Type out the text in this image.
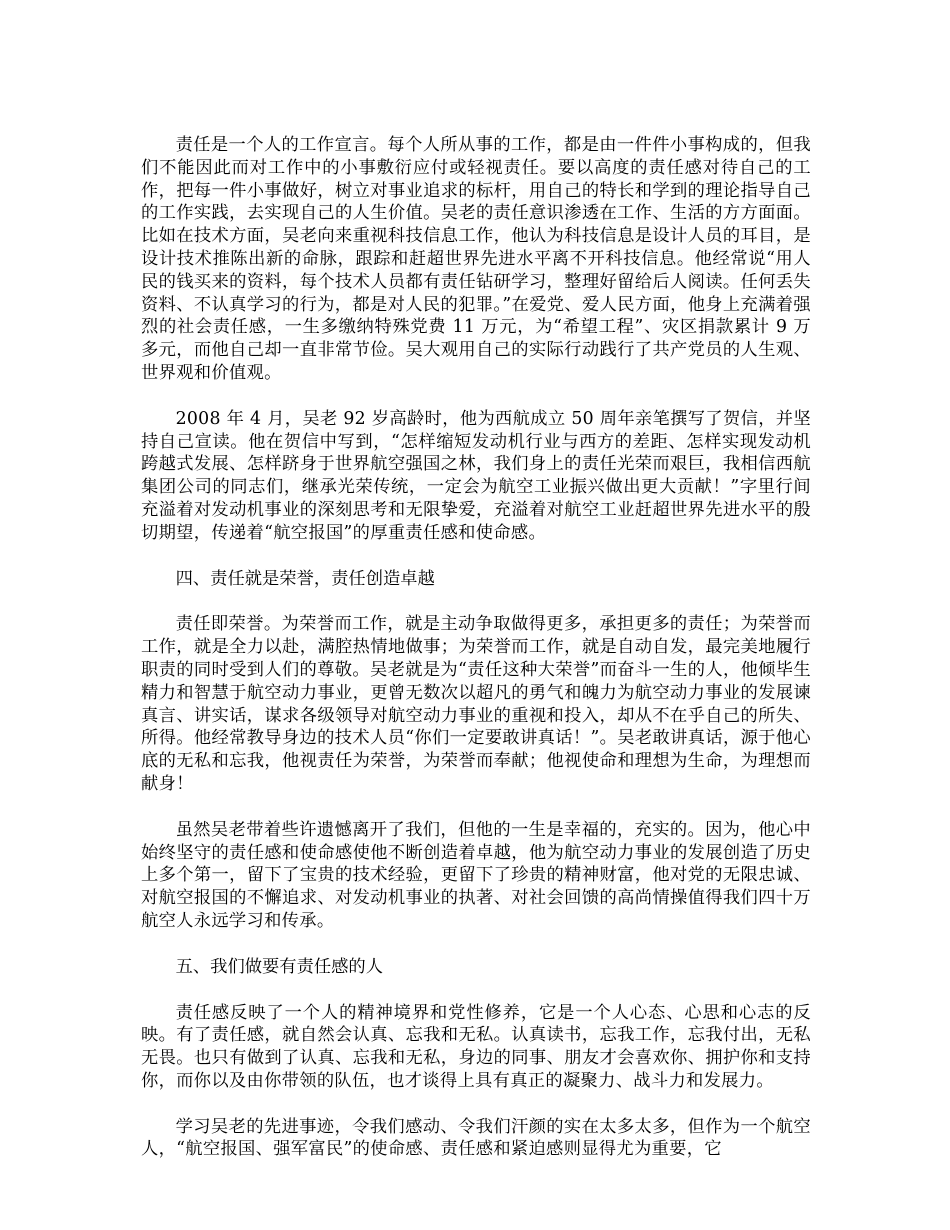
责任是一个人的工作宣言。每个人所从事的工作，都是由一件件小事构成的，但我们不能因此而对工作中的小事敷衍应付或轻视责任。要以高度的责任感对待自己的工作，把每一件小事做好，树立对事业追求的标杆，用自己的特长和学到的理论指导自己的工作实践，去实现自己的人生价值。吴老的责任意识渗透在工作、生活的方方面面。比如在技术方面，吴老向来重视科技信息工作，他认为科技信息是设计人员的耳目，是设计技术推陈出新的命脉，跟踪和赶超世界先进水平离不开科技信息。他经常说“用人民的钱买来的资料，每个技术人员都有责任钻研学习，整理好留给后人阅读。任何丢失资料、不认真学习的行为，都是对人民的犯罪。”在爱党、爱人民方面，他身上充满着强烈的社会责任感，一生多缴纳特殊党费 11 万元，为“希望工程”、灾区捐款累计 9 万多元，而他自己却一直非常节俭。吴大观用自己的实际行动践行了共产党员的人生观、世界观和价值观。

2008 年 4 月，吴老 92 岁高龄时，他为西航成立 50 周年亲笔撰写了贺信，并坚持自己宣读。他在贺信中写到，“怎样缩短发动机行业与西方的差距、怎样实现发动机跨越式发展、怎样跻身于世界航空强国之林，我们身上的责任光荣而艰巨，我相信西航集团公司的同志们，继承光荣传统，一定会为航空工业振兴做出更大贡献！”字里行间充溢着对发动机事业的深刻思考和无限挚爱，充溢着对航空工业赶超世界先进水平的殷切期望，传递着“航空报国”的厚重责任感和使命感。

四、责任就是荣誉，责任创造卓越

责任即荣誉。为荣誉而工作，就是主动争取做得更多，承担更多的责任；为荣誉而工作，就是全力以赴，满腔热情地做事；为荣誉而工作，就是自动自发，最完美地履行职责的同时受到人们的尊敬。吴老就是为“责任这种大荣誉”而奋斗一生的人，他倾毕生精力和智慧于航空动力事业，更曾无数次以超凡的勇气和魄力为航空动力事业的发展谏真言、讲实话，谋求各级领导对航空动力事业的重视和投入，却从不在乎自己的所失、所得。他经常教导身边的技术人员“你们一定要敢讲真话！”。吴老敢讲真话，源于他心底的无私和忘我，他视责任为荣誉，为荣誉而奉献；他视使命和理想为生命，为理想而献身！

虽然吴老带着些许遗憾离开了我们，但他的一生是幸福的，充实的。因为，他心中始终坚守的责任感和使命感使他不断创造着卓越，他为航空动力事业的发展创造了历史上多个第一，留下了宝贵的技术经验，更留下了珍贵的精神财富，他对党的无限忠诚、对航空报国的不懈追求、对发动机事业的执著、对社会回馈的高尚情操值得我们四十万航空人永远学习和传承。

五、我们做要有责任感的人

责任感反映了一个人的精神境界和党性修养，它是一个人心态、心思和心志的反映。有了责任感，就自然会认真、忘我和无私。认真读书，忘我工作，忘我付出，无私无畏。也只有做到了认真、忘我和无私，身边的同事、朋友才会喜欢你、拥护你和支持你，而你以及由你带领的队伍，也才谈得上具有真正的凝聚力、战斗力和发展力。

学习吴老的先进事迹，令我们感动、令我们汗颜的实在太多太多，但作为一个航空人，“航空报国、强军富民”的使命感、责任感和紧迫感则显得尤为重要，它
